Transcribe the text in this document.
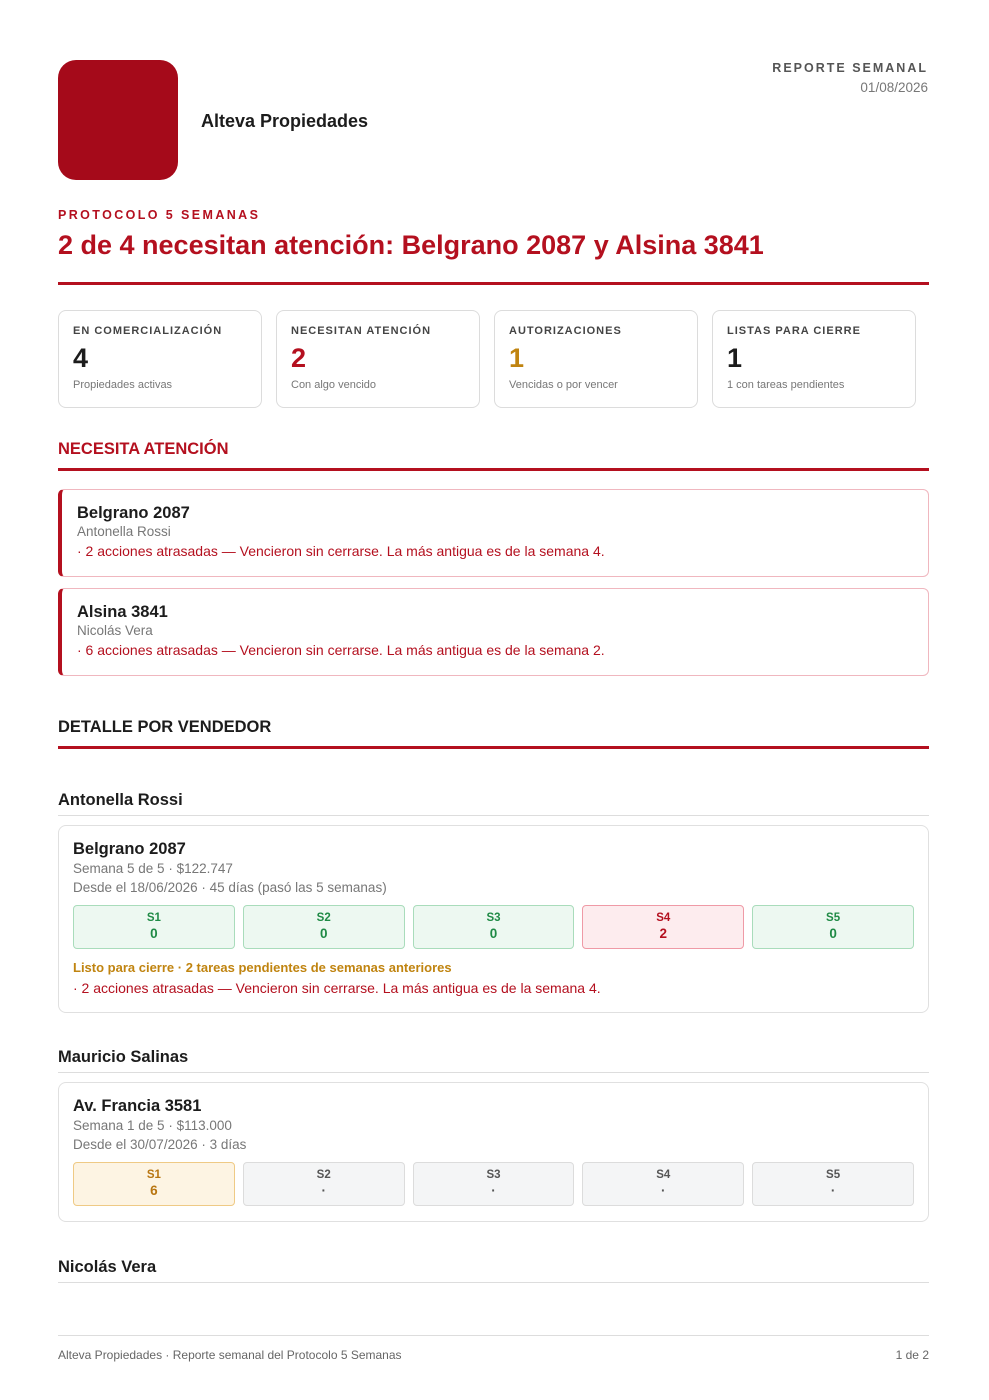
Alteva Propiedades
REPORTE SEMANAL
01/08/2026
PROTOCOLO 5 SEMANAS
2 de 4 necesitan atención: Belgrano 2087 y Alsina 3841
EN COMERCIALIZACIÓN
4
Propiedades activas
NECESITAN ATENCIÓN
2
Con algo vencido
AUTORIZACIONES
1
Vencidas o por vencer
LISTAS PARA CIERRE
1
1 con tareas pendientes
NECESITA ATENCIÓN
Belgrano 2087
Antonella Rossi
· 2 acciones atrasadas — Vencieron sin cerrarse. La más antigua es de la semana 4.
Alsina 3841
Nicolás Vera
· 6 acciones atrasadas — Vencieron sin cerrarse. La más antigua es de la semana 2.
DETALLE POR VENDEDOR
Antonella Rossi
Belgrano 2087
Semana 5 de 5 · $122.747
Desde el 18/06/2026 · 45 días (pasó las 5 semanas)
S1
0
S2
0
S3
0
S4
2
S5
0
Listo para cierre · 2 tareas pendientes de semanas anteriores
· 2 acciones atrasadas — Vencieron sin cerrarse. La más antigua es de la semana 4.
Mauricio Salinas
Av. Francia 3581
Semana 1 de 5 · $113.000
Desde el 30/07/2026 · 3 días
S1
6
S2
·
S3
·
S4
·
S5
·
Nicolás Vera
Alteva Propiedades · Reporte semanal del Protocolo 5 Semanas	1 de 2
